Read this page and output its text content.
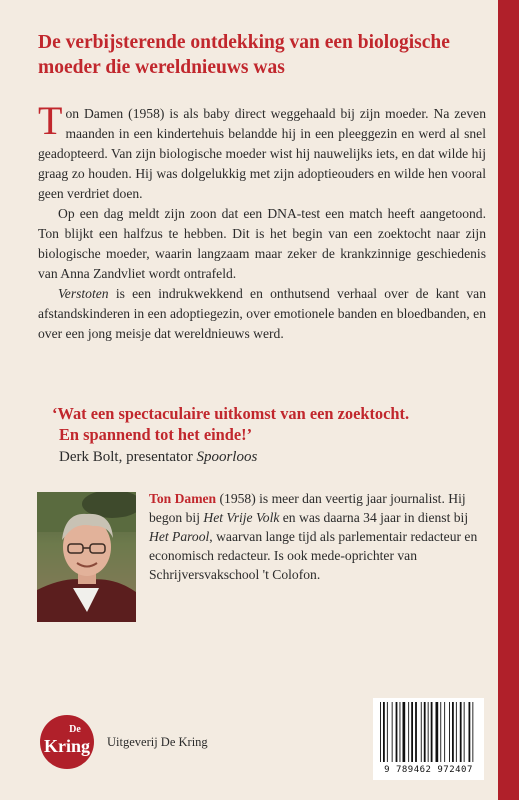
De verbijsterende ontdekking van een biologische moeder die wereldnieuws was

Ton Damen (1958) is als baby direct weggehaald bij zijn moeder. Na zeven maanden in een kindertehuis belandde hij in een pleeggezin en werd al snel geadopteerd. Van zijn biologische moeder wist hij nauwelijks iets, en dat wilde hij graag zo houden. Hij was dolgelukkig met zijn adoptieouders en wilde hen vooral geen verdriet doen.

Op een dag meldt zijn zoon dat een DNA-test een match heeft aangetoond. Ton blijkt een halfzus te hebben. Dit is het begin van een zoektocht naar zijn biologische moeder, waarin langzaam maar zeker de krankzinnige geschiedenis van Anna Zandvliet wordt ontrafeld.

Verstoten is een indrukwekkend en onthutsend verhaal over de kant van afstandskinderen in een adoptiegezin, over emotionele banden en bloedbanden, en over een jong meisje dat wereldnieuws werd.

‘Wat een spectaculaire uitkomst van een zoektocht.
En spannend tot het einde!’
Derk Bolt, presentator Spoorloos
Ton Damen (1958) is meer dan veertig jaar journalist. Hij begon bij Het Vrije Volk en was daarna 34 jaar in dienst bij Het Parool, waarvan lange tijd als parlementair redacteur en economisch redacteur. Is ook mede-oprichter van Schrijversvakschool 't Colofon.
De
Kring Uitgeverij De Kring
9 789462 972407
